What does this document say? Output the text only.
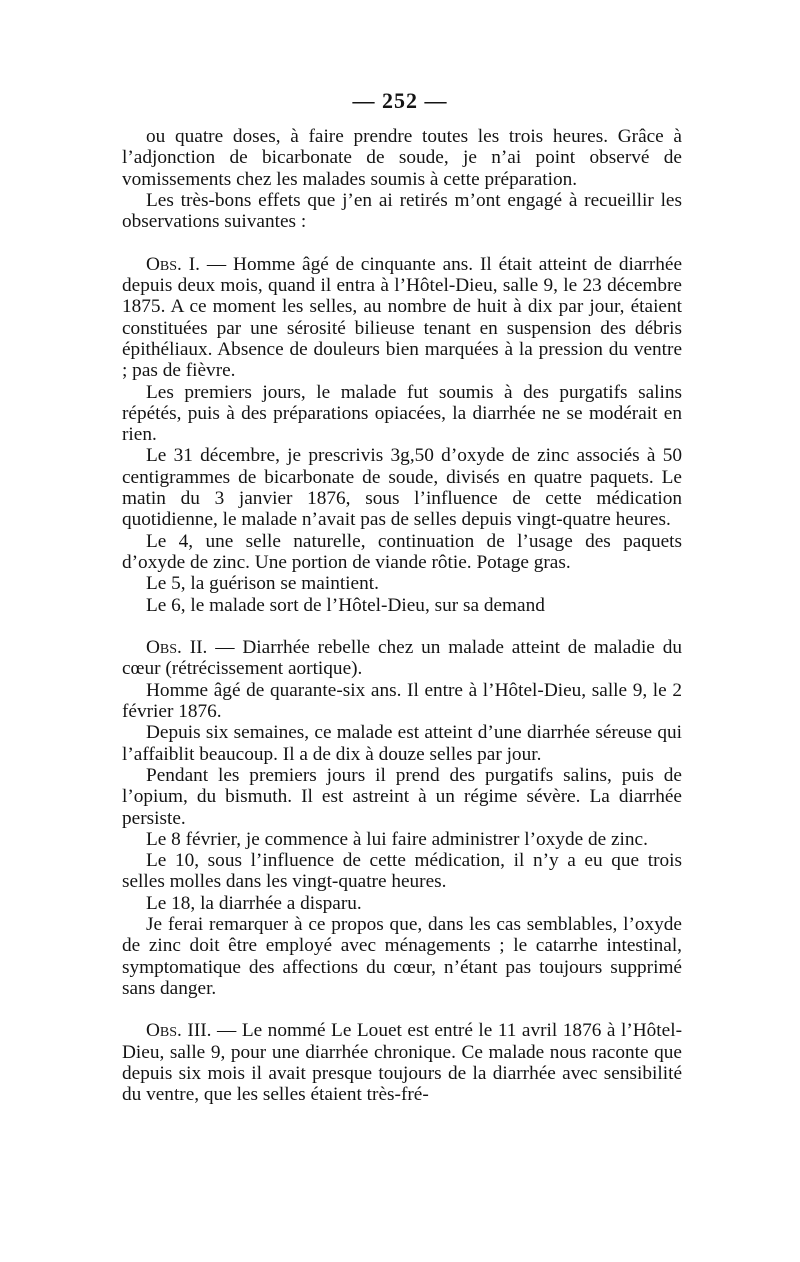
— 252 —

ou quatre doses, à faire prendre toutes les trois heures. Grâce à l’adjonction de bicarbonate de soude, je n’ai point observé de vomissements chez les malades soumis à cette préparation.

Les très-bons effets que j’en ai retirés m’ont engagé à recueillir les observations suivantes :

Obs. I. — Homme âgé de cinquante ans. Il était atteint de diarrhée depuis deux mois, quand il entra à l’Hôtel-Dieu, salle 9, le 23 décembre 1875. A ce moment les selles, au nombre de huit à dix par jour, étaient constituées par une sérosité bilieuse tenant en suspension des débris épithéliaux. Absence de douleurs bien marquées à la pression du ventre ; pas de fièvre.

Les premiers jours, le malade fut soumis à des purgatifs salins répétés, puis à des préparations opiacées, la diarrhée ne se modérait en rien.

Le 31 décembre, je prescrivis 3g,50 d’oxyde de zinc associés à 50 centigrammes de bicarbonate de soude, divisés en quatre paquets. Le matin du 3 janvier 1876, sous l’influence de cette médication quotidienne, le malade n’avait pas de selles depuis vingt-quatre heures.

Le 4, une selle naturelle, continuation de l’usage des paquets d’oxyde de zinc. Une portion de viande rôtie. Potage gras.

Le 5, la guérison se maintient.

Le 6, le malade sort de l’Hôtel-Dieu, sur sa demand

Obs. II. — Diarrhée rebelle chez un malade atteint de maladie du cœur (rétrécissement aortique).

Homme âgé de quarante-six ans. Il entre à l’Hôtel-Dieu, salle 9, le 2 février 1876.

Depuis six semaines, ce malade est atteint d’une diarrhée séreuse qui l’affaiblit beaucoup. Il a de dix à douze selles par jour.

Pendant les premiers jours il prend des purgatifs salins, puis de l’opium, du bismuth. Il est astreint à un régime sévère. La diarrhée persiste.

Le 8 février, je commence à lui faire administrer l’oxyde de zinc.

Le 10, sous l’influence de cette médication, il n’y a eu que trois selles molles dans les vingt-quatre heures.

Le 18, la diarrhée a disparu.

Je ferai remarquer à ce propos que, dans les cas semblables, l’oxyde de zinc doit être employé avec ménagements ; le catarrhe intestinal, symptomatique des affections du cœur, n’étant pas toujours supprimé sans danger.

Obs. III. — Le nommé Le Louet est entré le 11 avril 1876 à l’Hôtel-Dieu, salle 9, pour une diarrhée chronique. Ce malade nous raconte que depuis six mois il avait presque toujours de la diarrhée avec sensibilité du ventre, que les selles étaient très-fré-
